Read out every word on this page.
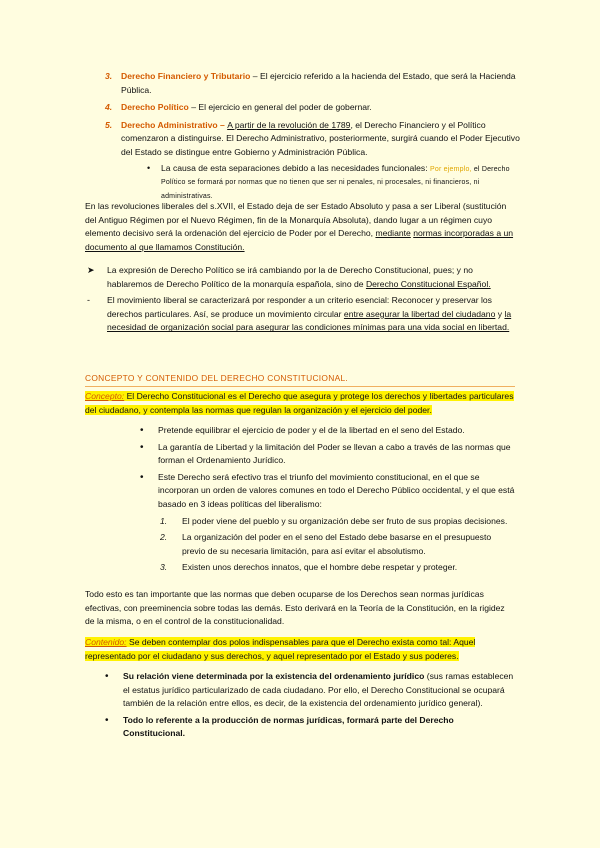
3. Derecho Financiero y Tributario – El ejercicio referido a la hacienda del Estado, que será la Hacienda Pública.
4. Derecho Político – El ejercicio en general del poder de gobernar.
5. Derecho Administrativo – A partir de la revolución de 1789, el Derecho Financiero y el Político comenzaron a distinguirse. El Derecho Administrativo, posteriormente, surgirá cuando el Poder Ejecutivo del Estado se distingue entre Gobierno y Administración Pública.
• La causa de esta separaciones debido a las necesidades funcionales: Por ejemplo, el Derecho Político se formará por normas que no tienen que ser ni penales, ni procesales, ni financieros, ni administrativas.
En las revoluciones liberales del s.XVII, el Estado deja de ser Estado Absoluto y pasa a ser Liberal (sustitución del Antiguo Régimen por el Nuevo Régimen, fin de la Monarquía Absoluta), dando lugar a un régimen cuyo elemento decisivo será la ordenación del ejercicio de Poder por el Derecho, mediante normas incorporadas a un documento al que llamamos Constitución.
➤ La expresión de Derecho Político se irá cambiando por la de Derecho Constitucional, pues; y no hablaremos de Derecho Político de la monarquía española, sino de Derecho Constitucional Español.
- El movimiento liberal se caracterizará por responder a un criterio esencial: Reconocer y preservar los derechos particulares. Así, se produce un movimiento circular entre asegurar la libertad del ciudadano y la necesidad de organización social para asegurar las condiciones mínimas para una vida social en libertad.
CONCEPTO Y CONTENIDO DEL DERECHO CONSTITUCIONAL.
Concepto: El Derecho Constitucional es el Derecho que asegura y protege los derechos y libertades particulares del ciudadano, y contempla las normas que regulan la organización y el ejercicio del poder.
• Pretende equilibrar el ejercicio de poder y el de la libertad en el seno del Estado.
• La garantía de Libertad y la limitación del Poder se llevan a cabo a través de las normas que forman el Ordenamiento Jurídico.
• Este Derecho será efectivo tras el triunfo del movimiento constitucional, en el que se incorporan un orden de valores comunes en todo el Derecho Público occidental, y el que está basado en 3 ideas políticas del liberalismo:
1. El poder viene del pueblo y su organización debe ser fruto de sus propias decisiones.
2. La organización del poder en el seno del Estado debe basarse en el presupuesto previo de su necesaria limitación, para así evitar el absolutismo.
3. Existen unos derechos innatos, que el hombre debe respetar y proteger.
Todo esto es tan importante que las normas que deben ocuparse de los Derechos sean normas jurídicas efectivas, con preeminencia sobre todas las demás. Esto derivará en la Teoría de la Constitución, en la rigidez de la misma, o en el control de la constitucionalidad.
Contenido: Se deben contemplar dos polos indispensables para que el Derecho exista como tal: Aquel representado por el ciudadano y sus derechos, y aquel representado por el Estado y sus poderes.
• Su relación viene determinada por la existencia del ordenamiento jurídico (sus ramas establecen el estatus jurídico particularizado de cada ciudadano. Por ello, el Derecho Constitucional se ocupará también de la relación entre ellos, es decir, de la existencia del ordenamiento jurídico general).
• Todo lo referente a la producción de normas jurídicas, formará parte del Derecho Constitucional.
